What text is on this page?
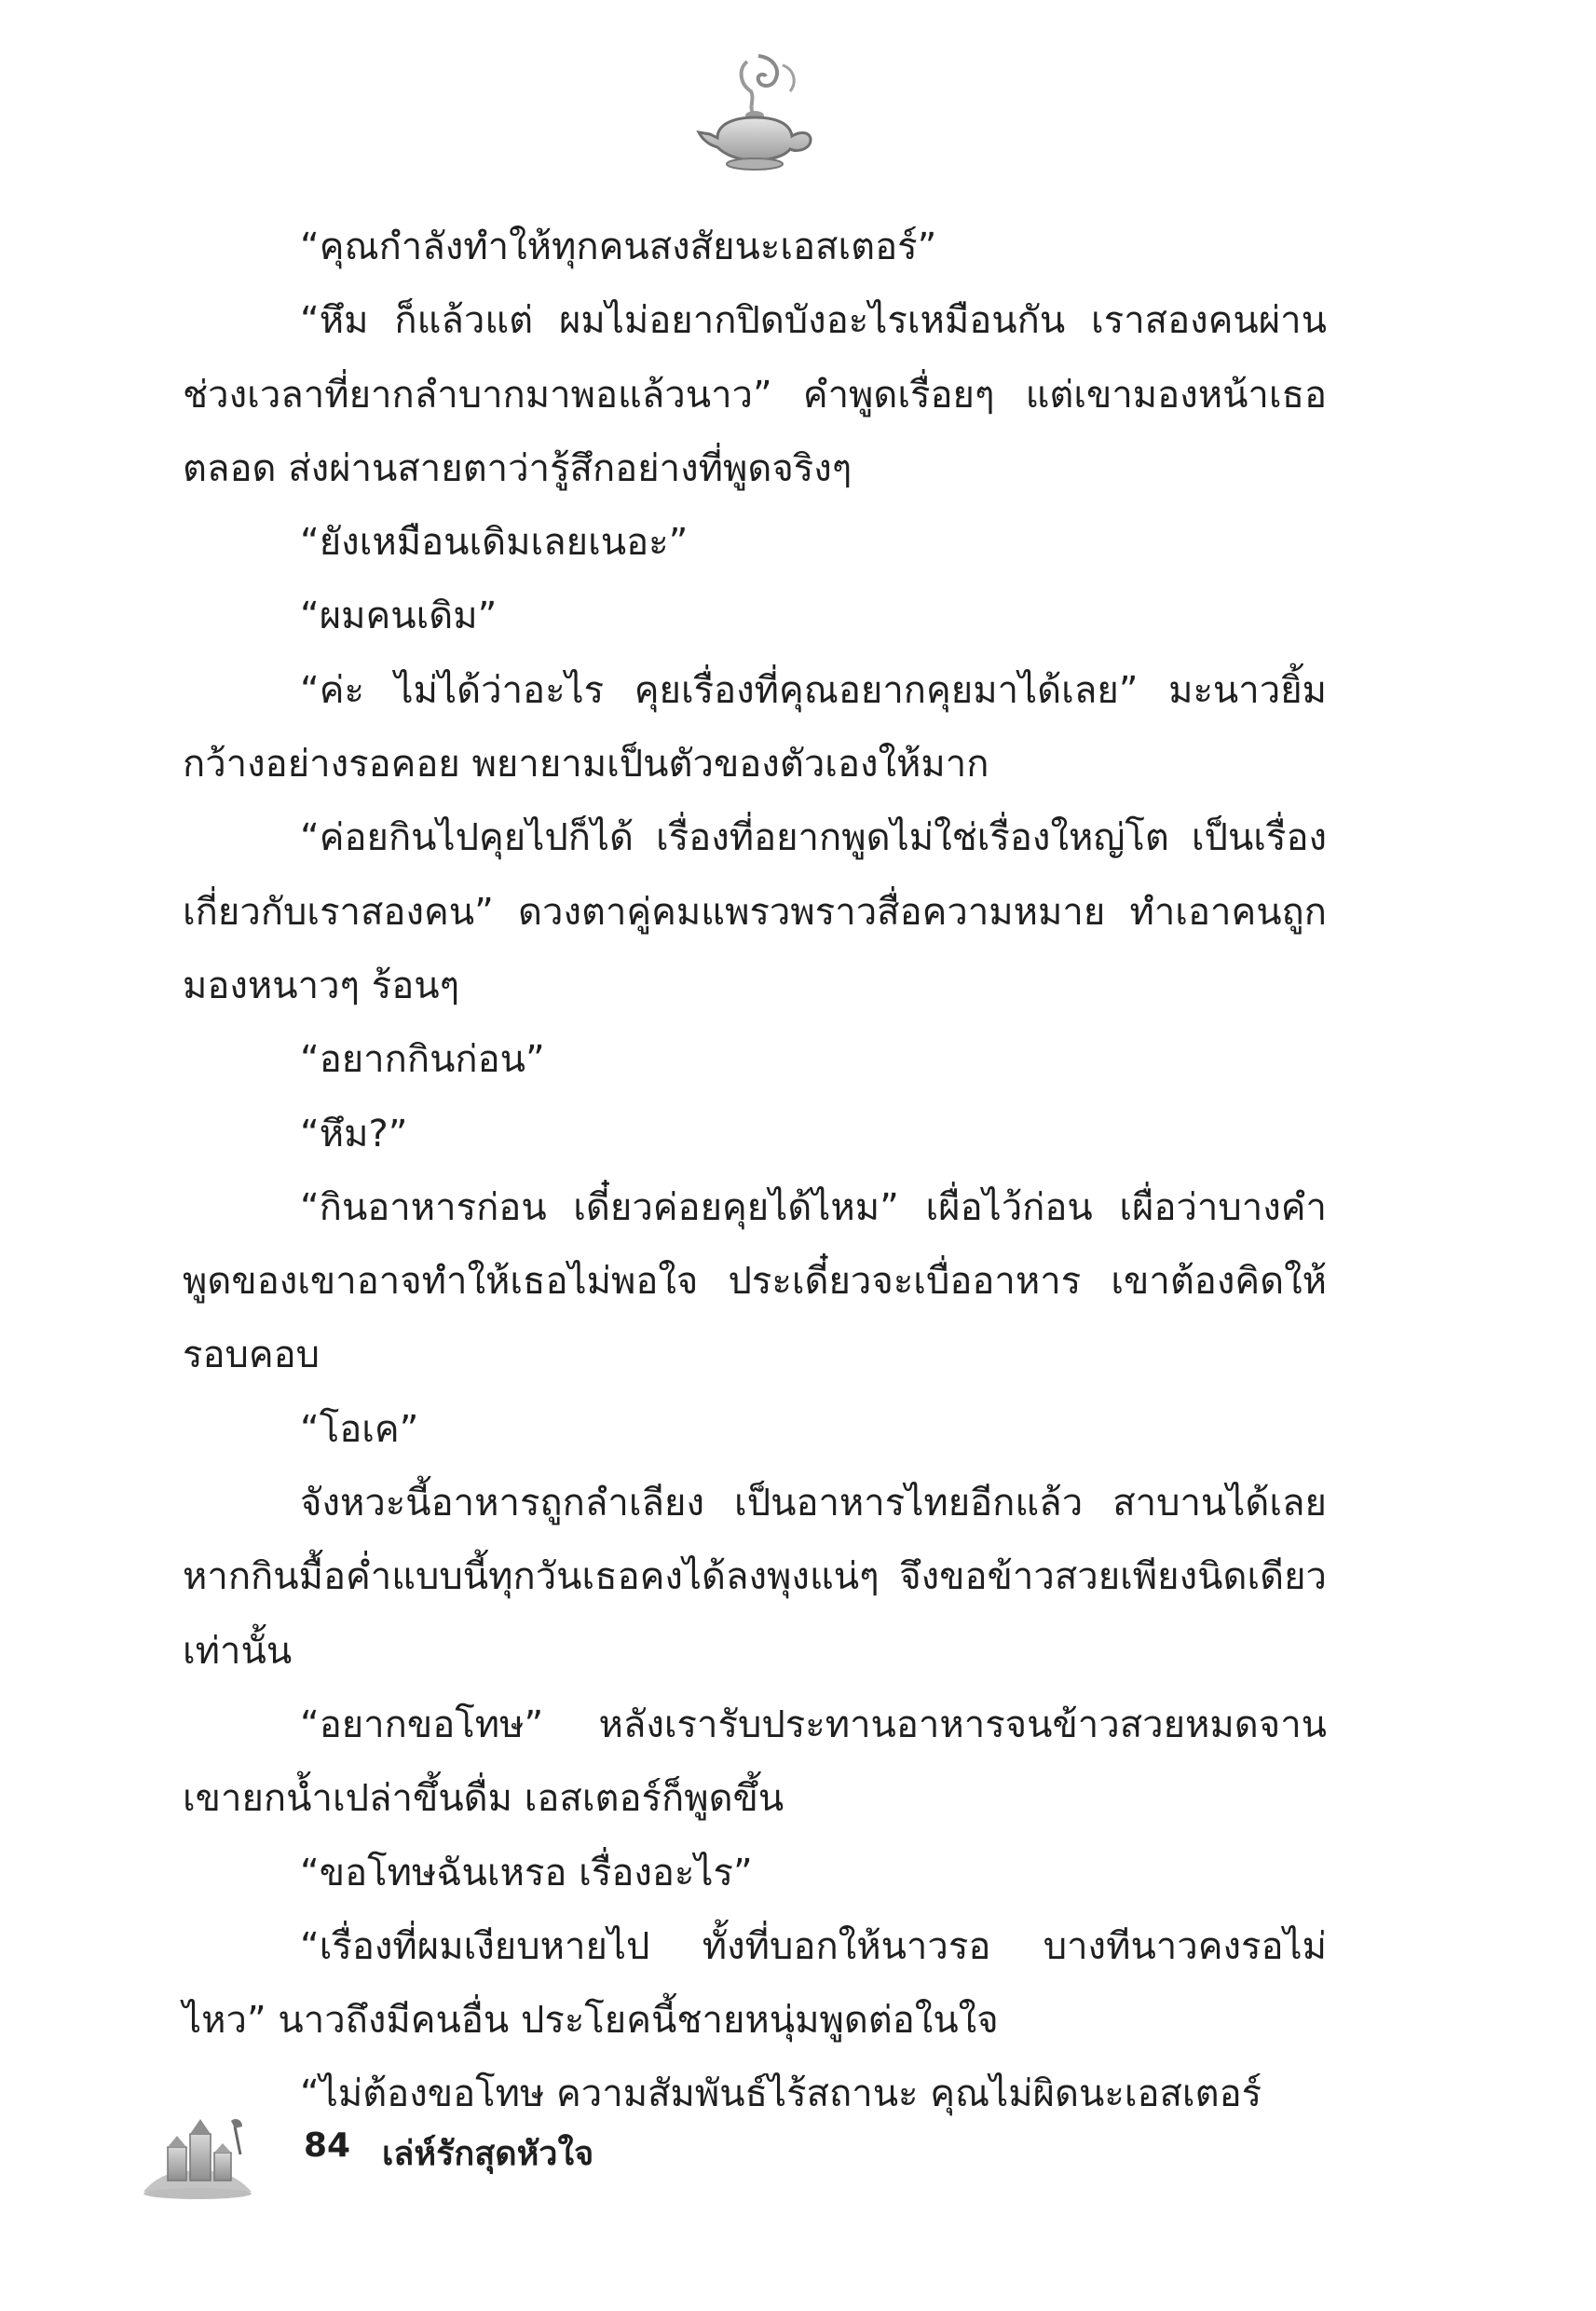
“คุณกำลังทำให้ทุกคนสงสัยนะเอสเตอร์”

“หึม ก็แล้วแต่ ผมไม่อยากปิดบังอะไรเหมือนกัน เราสองคนผ่านช่วงเวลาที่ยากลำบากมาพอแล้วนาว” คำพูดเรื่อยๆ แต่เขามองหน้าเธอตลอด ส่งผ่านสายตาว่ารู้สึกอย่างที่พูดจริงๆ

“ยังเหมือนเดิมเลยเนอะ”

“ผมคนเดิม”

“ค่ะ ไม่ได้ว่าอะไร คุยเรื่องที่คุณอยากคุยมาได้เลย” มะนาวยิ้มกว้างอย่างรอคอย พยายามเป็นตัวของตัวเองให้มาก

“ค่อยกินไปคุยไปก็ได้ เรื่องที่อยากพูดไม่ใช่เรื่องใหญ่โต เป็นเรื่องเกี่ยวกับเราสองคน” ดวงตาคู่คมแพรวพราวสื่อความหมาย ทำเอาคนถูกมองหนาวๆ ร้อนๆ

“อยากกินก่อน”

“หึม?”

“กินอาหารก่อน เดี๋ยวค่อยคุยได้ไหม” เผื่อไว้ก่อน เผื่อว่าบางคำพูดของเขาอาจทำให้เธอไม่พอใจ ประเดี๋ยวจะเบื่ออาหาร เขาต้องคิดให้รอบคอบ

“โอเค”

จังหวะนี้อาหารถูกลำเลียง เป็นอาหารไทยอีกแล้ว สาบานได้เลยหากกินมื้อค่ำแบบนี้ทุกวันเธอคงได้ลงพุงแน่ๆ จึงขอข้าวสวยเพียงนิดเดียวเท่านั้น

“อยากขอโทษ” หลังเรารับประทานอาหารจนข้าวสวยหมดจานเขายกน้ำเปล่าขึ้นดื่ม เอสเตอร์ก็พูดขึ้น

“ขอโทษฉันเหรอ เรื่องอะไร”

“เรื่องที่ผมเงียบหายไป ทั้งที่บอกให้นาวรอ บางทีนาวคงรอไม่ไหว” นาวถึงมีคนอื่น ประโยคนี้ชายหนุ่มพูดต่อในใจ

“ไม่ต้องขอโทษ ความสัมพันธ์ไร้สถานะ คุณไม่ผิดนะเอสเตอร์

84 เล่ห์รักสุดหัวใจ
